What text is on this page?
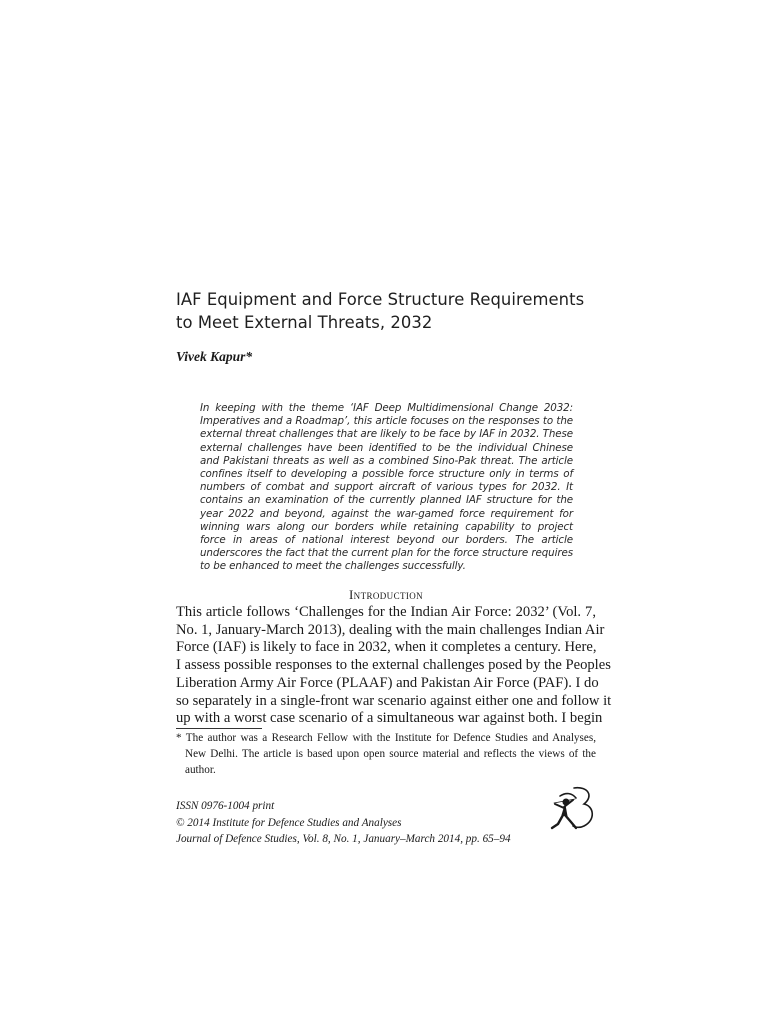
IAF Equipment and Force Structure Requirements
to Meet External Threats, 2032
Vivek Kapur*
In keeping with the theme ‘IAF Deep Multidimensional Change 2032:
Imperatives and a Roadmap’, this article focuses on the responses to the
external threat challenges that are likely to be face by IAF in 2032. These
external challenges have been identified to be the individual Chinese
and Pakistani threats as well as a combined Sino-Pak threat. The article
confines itself to developing a possible force structure only in terms of
numbers of combat and support aircraft of various types for 2032. It
contains an examination of the currently planned IAF structure for the
year 2022 and beyond, against the war-gamed force requirement for
winning wars along our borders while retaining capability to project
force in areas of national interest beyond our borders. The article
underscores the fact that the current plan for the force structure requires
to be enhanced to meet the challenges successfully.
Introduction
This article follows ‘Challenges for the Indian Air Force: 2032’ (Vol. 7,
No. 1, January-March 2013), dealing with the main challenges Indian Air
Force (IAF) is likely to face in 2032, when it completes a century. Here,
I assess possible responses to the external challenges posed by the Peoples
Liberation Army Air Force (PLAAF) and Pakistan Air Force (PAF). I do
so separately in a single-front war scenario against either one and follow it
up with a worst case scenario of a simultaneous war against both. I begin
* The author was a Research Fellow with the Institute for Defence Studies and Analyses,
New Delhi. The article is based upon open source material and reflects the views of the
author.
ISSN 0976-1004 print
© 2014 Institute for Defence Studies and Analyses
Journal of Defence Studies, Vol. 8, No. 1, January–March 2014, pp. 65–94
